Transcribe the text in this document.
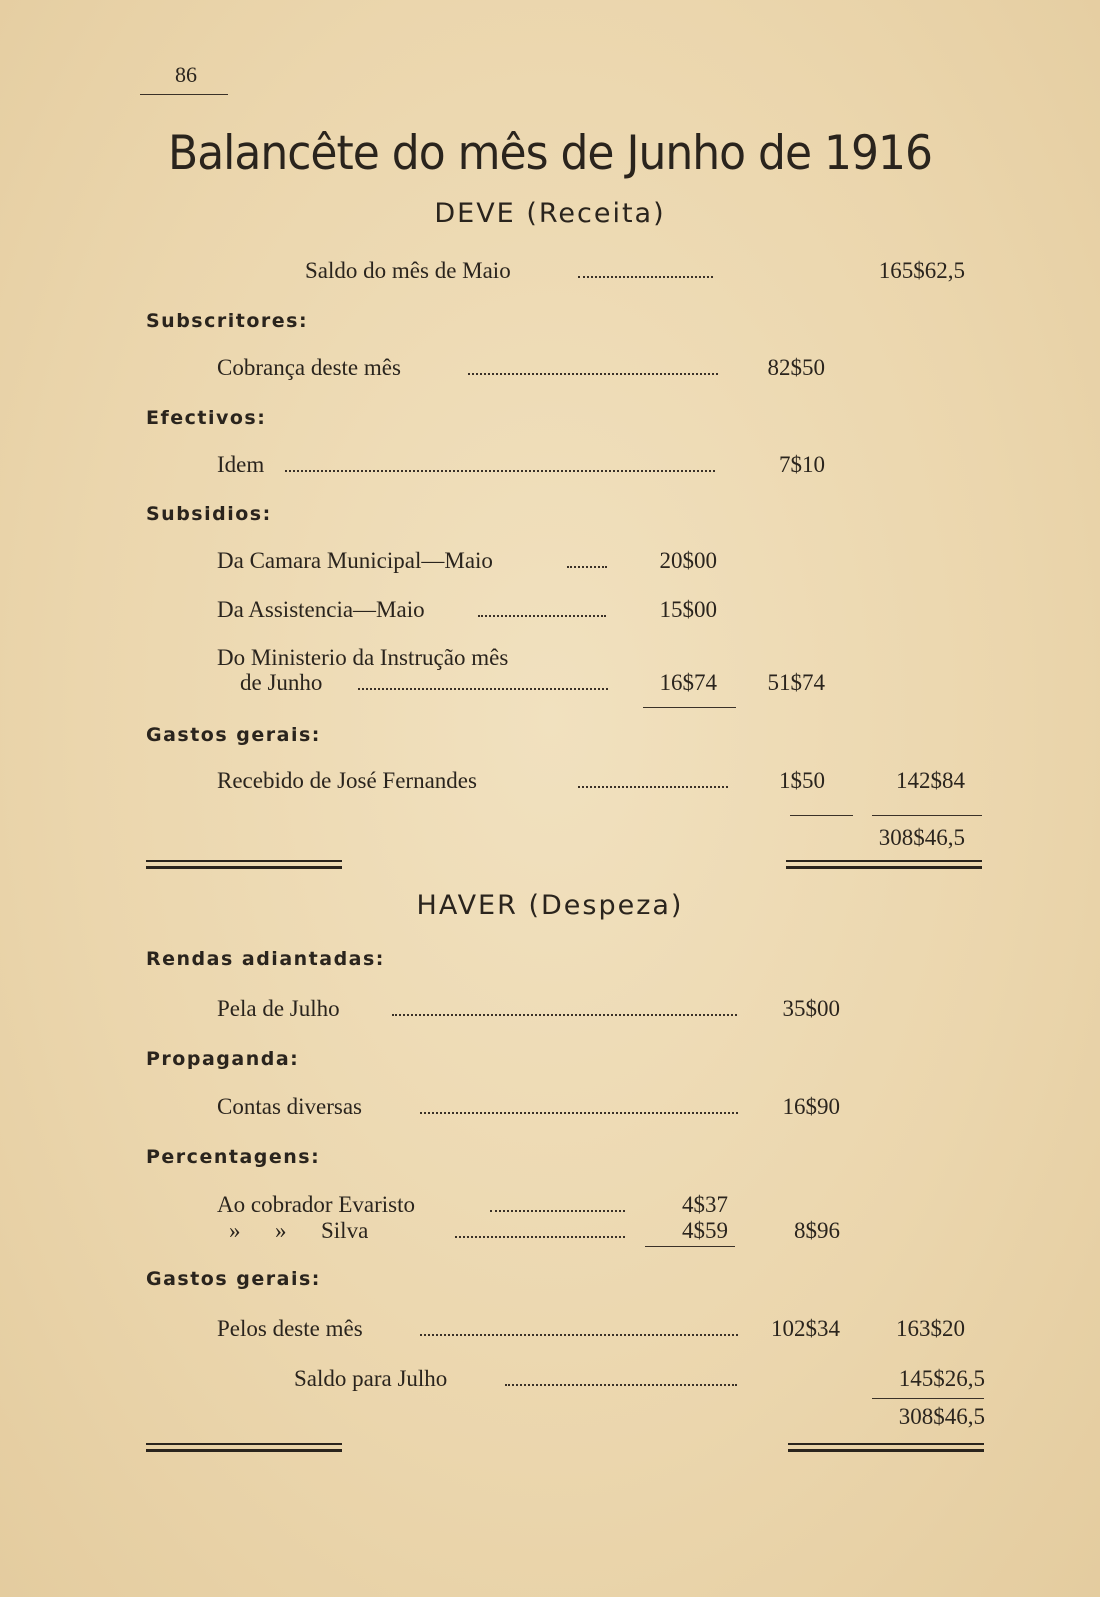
86
Balancête do mês de Junho de 1916
DEVE (Receita)
Saldo do mês de Maio	165$62,5
Subscritores:
Cobrança deste mês	82$50
Efectivos:
Idem	7$10
Subsidios:
Da Camara Municipal—Maio	20$00
Da Assistencia—Maio	15$00
Do Ministerio da Instrução mês
de Junho	16$74 51$74
Gastos gerais:
Recebido de José Fernandes	1$50	142$84
308$46,5
HAVER (Despeza)
Rendas adiantadas:
Pela de Julho	35$00
Propaganda:
Contas diversas	16$90
Percentagens:
Ao cobrador Evaristo	4$37
»      »      Silva	4$59	8$96
Gastos gerais:
Pelos deste mês	102$34 163$20
Saldo para Julho	145$26,5
308$46,5
